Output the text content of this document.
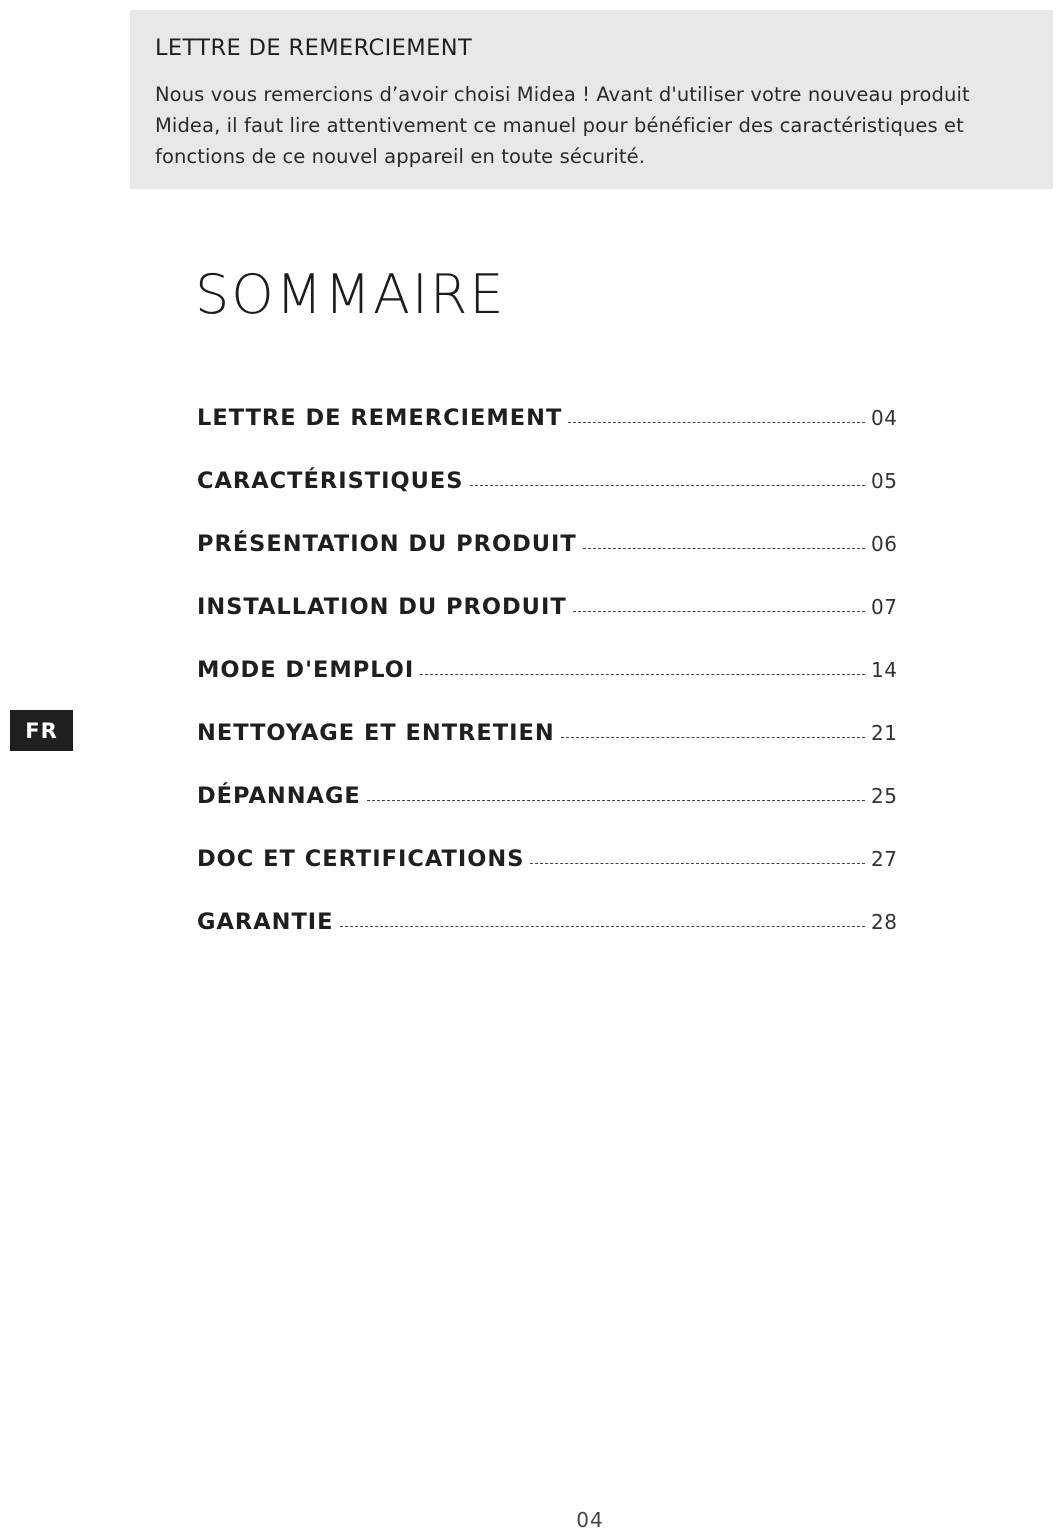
LETTRE DE REMERCIEMENT

Nous vous remercions d’avoir choisi Midea ! Avant d'utiliser votre nouveau produit Midea, il faut lire attentivement ce manuel pour bénéficier des caractéristiques et fonctions de ce nouvel appareil en toute sécurité.

SOMMAIRE
LETTRE DE REMERCIEMENT	04
CARACTÉRISTIQUES	05
PRÉSENTATION DU PRODUIT	06
INSTALLATION DU PRODUIT	07
MODE D'EMPLOI	14
NETTOYAGE ET ENTRETIEN	21
DÉPANNAGE	25
DOC ET CERTIFICATIONS	27
GARANTIE	28
FR
04
